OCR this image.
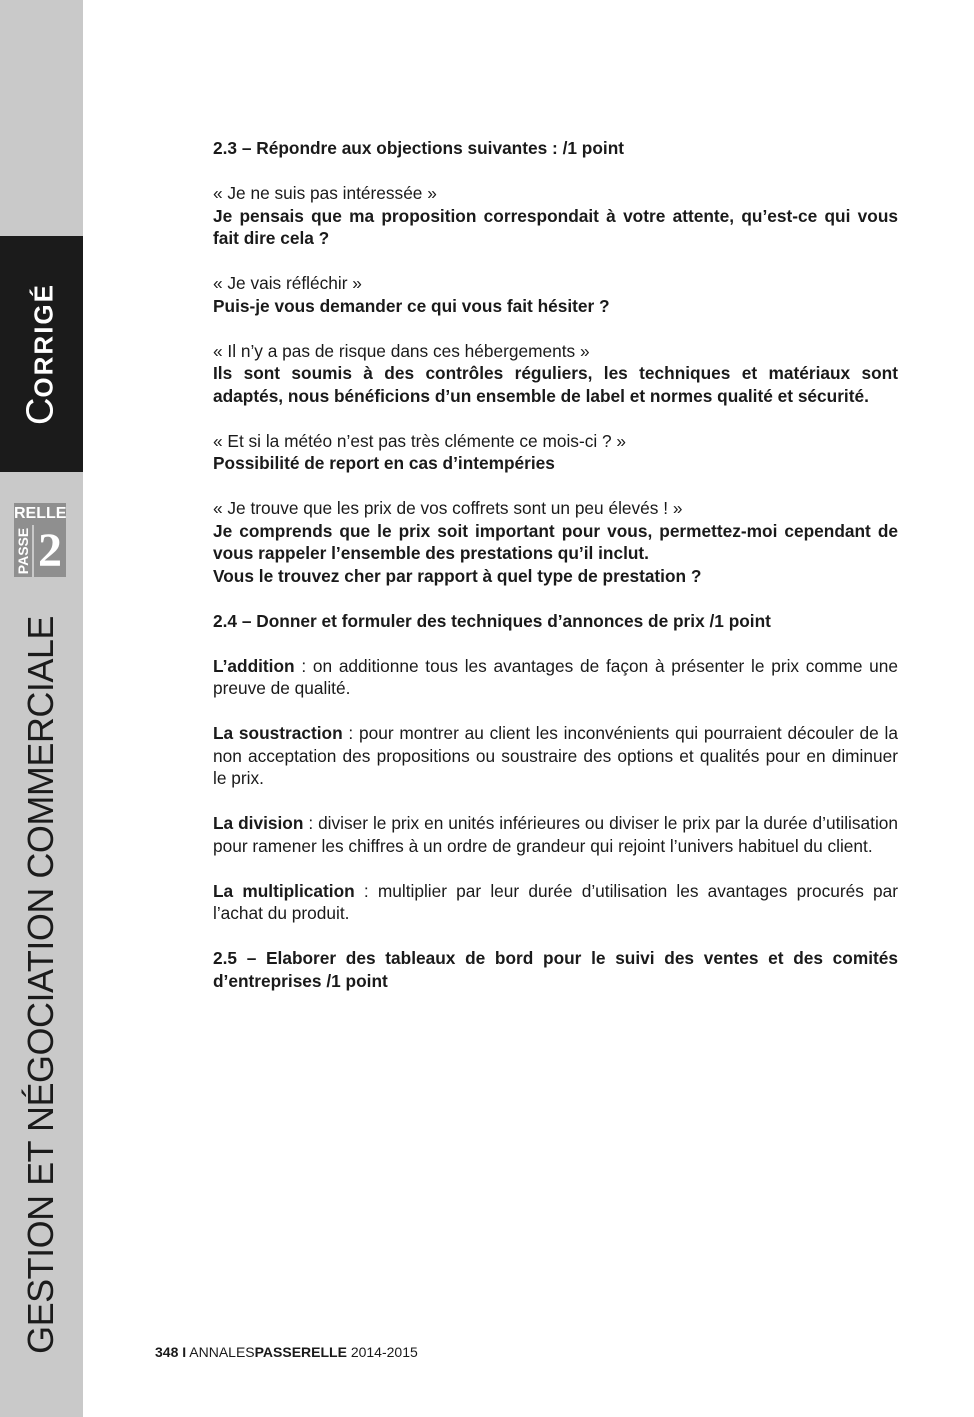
CORRIGÉ
RELLE
PASSE 2
GESTION ET NÉGOCIATION COMMERCIALE

2.3 – Répondre aux objections suivantes : /1 point

« Je ne suis pas intéressée »
Je pensais que ma proposition correspondait à votre attente, qu’est-ce qui vous fait dire cela ?

« Je vais réfléchir »
Puis-je vous demander ce qui vous fait hésiter ?

« Il n’y a pas de risque dans ces hébergements »
Ils sont soumis à des contrôles réguliers, les techniques et matériaux sont adaptés, nous bénéficions d’un ensemble de label et normes qualité et sécurité.

« Et si la météo n’est pas très clémente ce mois-ci ? »
Possibilité de report en cas d’intempéries

« Je trouve que les prix de vos coffrets sont un peu élevés ! »
Je comprends que le prix soit important pour vous, permettez-moi cependant de vous rappeler l’ensemble des prestations qu’il inclut.
Vous le trouvez cher par rapport à quel type de prestation ?

2.4 – Donner et formuler des techniques d’annonces de prix /1 point

L’addition : on additionne tous les avantages de façon à présenter le prix comme une preuve de qualité.

La soustraction : pour montrer au client les inconvénients qui pourraient découler de la non acceptation des propositions ou soustraire des options et qualités pour en diminuer le prix.

La division : diviser le prix en unités inférieures ou diviser le prix par la durée d’utilisation pour ramener les chiffres à un ordre de grandeur qui rejoint l’univers habituel du client.

La multiplication : multiplier par leur durée d’utilisation les avantages procurés par l’achat du produit.

2.5 – Elaborer des tableaux de bord pour le suivi des ventes et des comités d’entreprises /1 point

348 I ANNALESPASSERELLE 2014-2015
